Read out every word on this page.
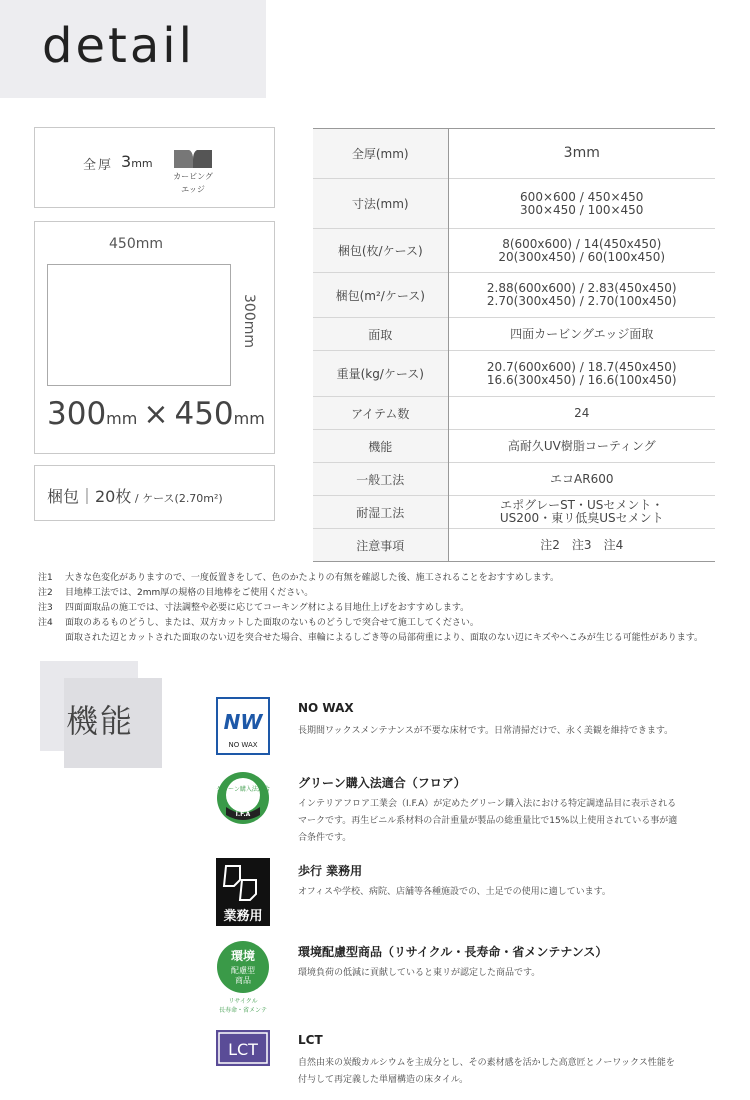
detail
全厚 3mm
カービング
エッジ
450mm
300mm
300mm × 450mm
梱包｜20枚 / ケース(2.70m²)
全厚(mm)	3mm

寸法(mm)	600×600 / 450×450
300×450 / 100×450

梱包(枚/ケース)	8(600x600) / 14(450x450)
20(300x450) / 60(100x450)

梱包(m²/ケース)	2.88(600x600) / 2.83(450x450)
2.70(300x450) / 2.70(100x450)

面取	四面カービングエッジ面取

重量(kg/ケース)	20.7(600x600) / 18.7(450x450)
16.6(300x450) / 16.6(100x450)

アイテム数	24

機能	高耐久UV樹脂コーティング

一般工法	エコAR600

耐湿工法	エポグレーST・USセメント・
US200・東リ低臭USセメント

注意事項	注2　注3　注4
注1 大きな色変化がありますので、一度仮置きをして、色のかたよりの有無を確認した後、施工されることをおすすめします。
注2 目地棒工法では、2mm厚の規格の目地棒をご使用ください。
注3 四面面取品の施工では、寸法調整や必要に応じてコーキング材による目地仕上げをおすすめします。
注4 面取のあるものどうし、または、双方カットした面取のないものどうしで突合せて施工してください。
面取された辺とカットされた面取のない辺を突合せた場合、車輪によるしごき等の局部荷重により、面取のない辺にキズやへこみが生じる可能性があります。
機能	NW
NO WAX
NO WAX
長期間ワックスメンテナンスが不要な床材です。日常清掃だけで、永く美観を維持できます。
グリーン購入法適合
I.F.A
グリーン購入法適合（フロア）
インテリアフロア工業会（I.F.A）が定めたグリーン購入法における特定調達品目に表示される
マークです。再生ビニル系材料の合計重量が製品の総重量比で15%以上使用されている事が適
合条件です。
業務用
歩行 業務用
オフィスや学校、病院、店舗等各種施設での、土足での使用に適しています。
環境
配慮型
商品
リサイクル
長寿命・省メンテ
環境配慮型商品（リサイクル・長寿命・省メンテナンス）
環境負荷の低減に貢献していると東リが認定した商品です。
LCT	LCT
自然由来の炭酸カルシウムを主成分とし、その素材感を活かした高意匠とノーワックス性能を
付与して再定義した単層構造の床タイル。
